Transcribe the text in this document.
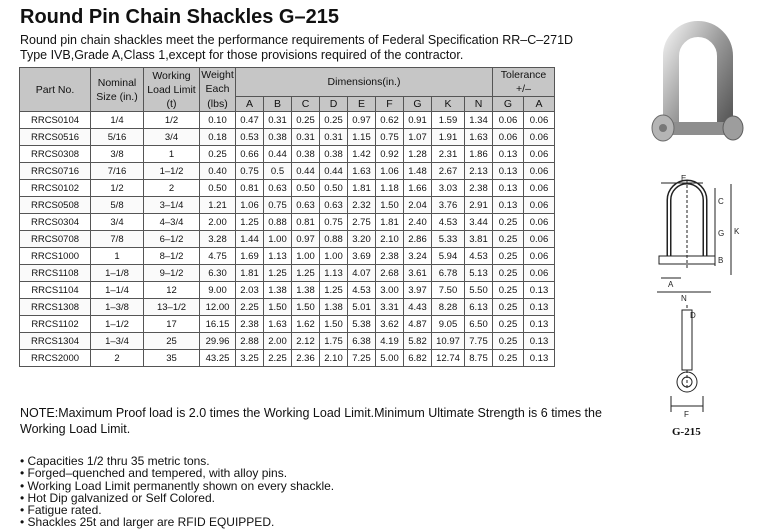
Round Pin Chain Shackles G–215
Round pin chain shackles meet the performance requirements of Federal Specification RR–C–271D
Type IVB,Grade A,Class 1,except for those provisions required of the contractor.
Part No.	Nominal Size (in.)	Working Load Limit (t)	Weight Each	Dimensions(in.)									Tolerance +/–	
			(lbs)	A	B	C	D	E	F	G	K	N	G	A
RRCS0104	1/4	1/2	0.10	0.47	0.31	0.25	0.25	0.97	0.62	0.91	1.59	1.34	0.06	0.06
RRCS0516	5/16	3/4	0.18	0.53	0.38	0.31	0.31	1.15	0.75	1.07	1.91	1.63	0.06	0.06
RRCS0308	3/8	1	0.25	0.66	0.44	0.38	0.38	1.42	0.92	1.28	2.31	1.86	0.13	0.06
RRCS0716	7/16	1–1/2	0.40	0.75	0.5	0.44	0.44	1.63	1.06	1.48	2.67	2.13	0.13	0.06
RRCS0102	1/2	2	0.50	0.81	0.63	0.50	0.50	1.81	1.18	1.66	3.03	2.38	0.13	0.06
RRCS0508	5/8	3–1/4	1.21	1.06	0.75	0.63	0.63	2.32	1.50	2.04	3.76	2.91	0.13	0.06
RRCS0304	3/4	4–3/4	2.00	1.25	0.88	0.81	0.75	2.75	1.81	2.40	4.53	3.44	0.25	0.06
RRCS0708	7/8	6–1/2	3.28	1.44	1.00	0.97	0.88	3.20	2.10	2.86	5.33	3.81	0.25	0.06
RRCS1000	1	8–1/2	4.75	1.69	1.13	1.00	1.00	3.69	2.38	3.24	5.94	4.53	0.25	0.06
RRCS1108	1–1/8	9–1/2	6.30	1.81	1.25	1.25	1.13	4.07	2.68	3.61	6.78	5.13	0.25	0.06
RRCS1104	1–1/4	12	9.00	2.03	1.38	1.38	1.25	4.53	3.00	3.97	7.50	5.50	0.25	0.13
RRCS1308	1–3/8	13–1/2	12.00	2.25	1.50	1.50	1.38	5.01	3.31	4.43	8.28	6.13	0.25	0.13
RRCS1102	1–1/2	17	16.15	2.38	1.63	1.62	1.50	5.38	3.62	4.87	9.05	6.50	0.25	0.13
RRCS1304	1–3/4	25	29.96	2.88	2.00	2.12	1.75	6.38	4.19	5.82	10.97	7.75	0.25	0.13
RRCS2000	2	35	43.25	3.25	2.25	2.36	2.10	7.25	5.00	6.82	12.74	8.75	0.25	0.13
NOTE:Maximum Proof load is 2.0 times the Working Load Limit.Minimum Ultimate Strength is 6 times the Working Load Limit.
• Capacities 1/2 thru 35 metric tons.
• Forged–quenched and tempered, with alloy pins.
• Working Load Limit permanently shown on every shackle.
• Hot Dip galvanized or Self Colored.
• Fatigue rated.
• Shackles 25t and larger are RFID EQUIPPED.
E
C
G K
B
A
N
D
F
G-215
